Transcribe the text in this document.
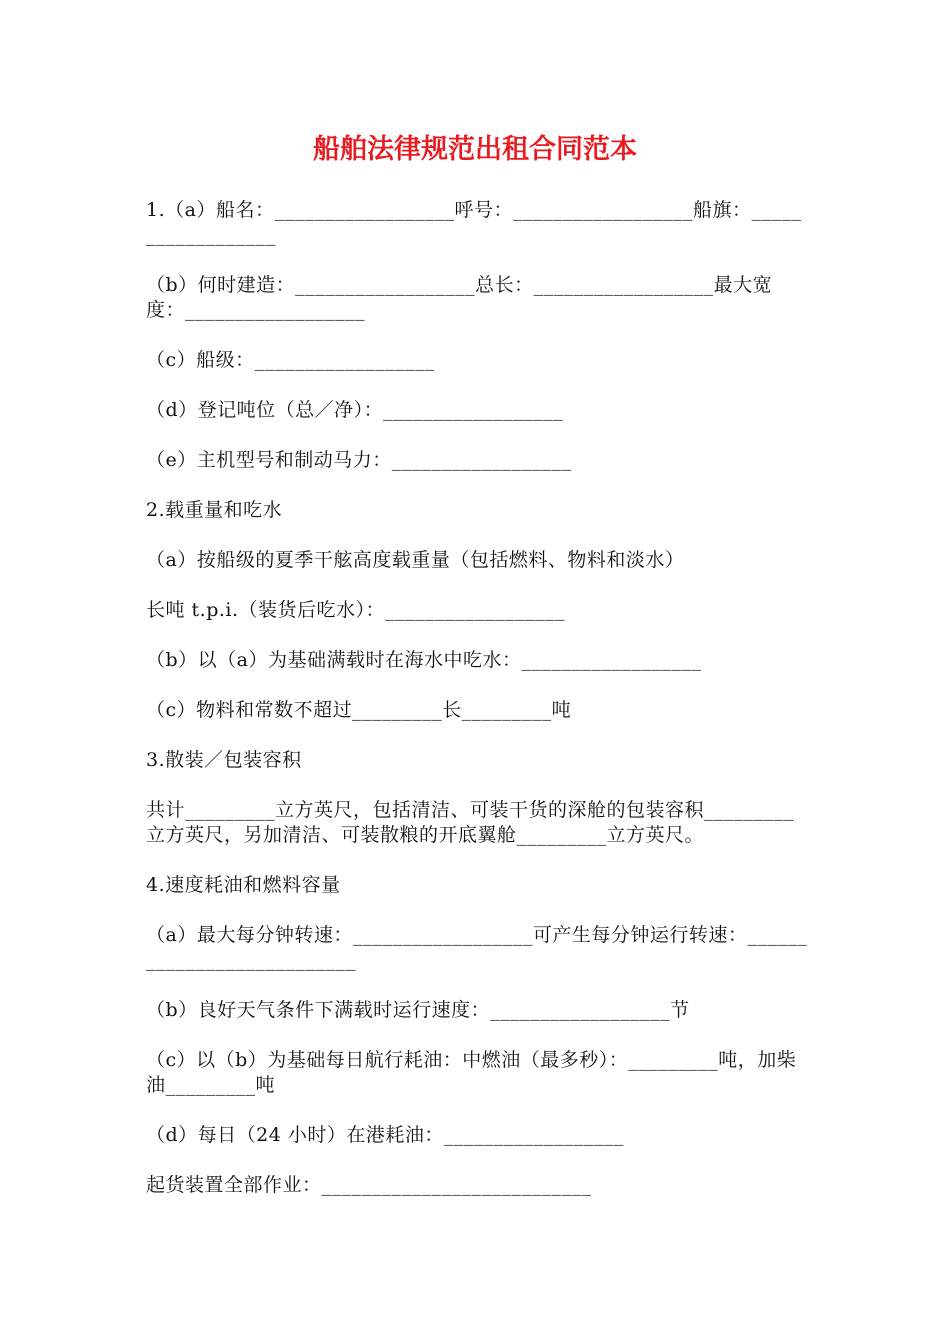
船舶法律规范出租合同范本

1.（a）船名：__________________呼号：__________________船旗：__________________

（b）何时建造：__________________总长：__________________最大宽度：__________________

（c）船级：__________________

（d）登记吨位（总／净）：__________________

（e）主机型号和制动马力：__________________

2.载重量和吃水

（a）按船级的夏季干舷高度载重量（包括燃料、物料和淡水）

长吨 t.p.i.（装货后吃水）：__________________

（b）以（a）为基础满载时在海水中吃水：__________________

（c）物料和常数不超过_________长_________吨

3.散装／包装容积

共计_________立方英尺，包括清洁、可装干货的深舱的包装容积_________立方英尺，另加清洁、可装散粮的开底翼舱_________立方英尺。

4.速度耗油和燃料容量

（a）最大每分钟转速：__________________可产生每分钟运行转速：___________________________

（b）良好天气条件下满载时运行速度：__________________节

（c）以（b）为基础每日航行耗油：中燃油（最多秒）：_________吨，加柴油_________吨

（d）每日（24 小时）在港耗油：__________________

起货装置全部作业：___________________________
